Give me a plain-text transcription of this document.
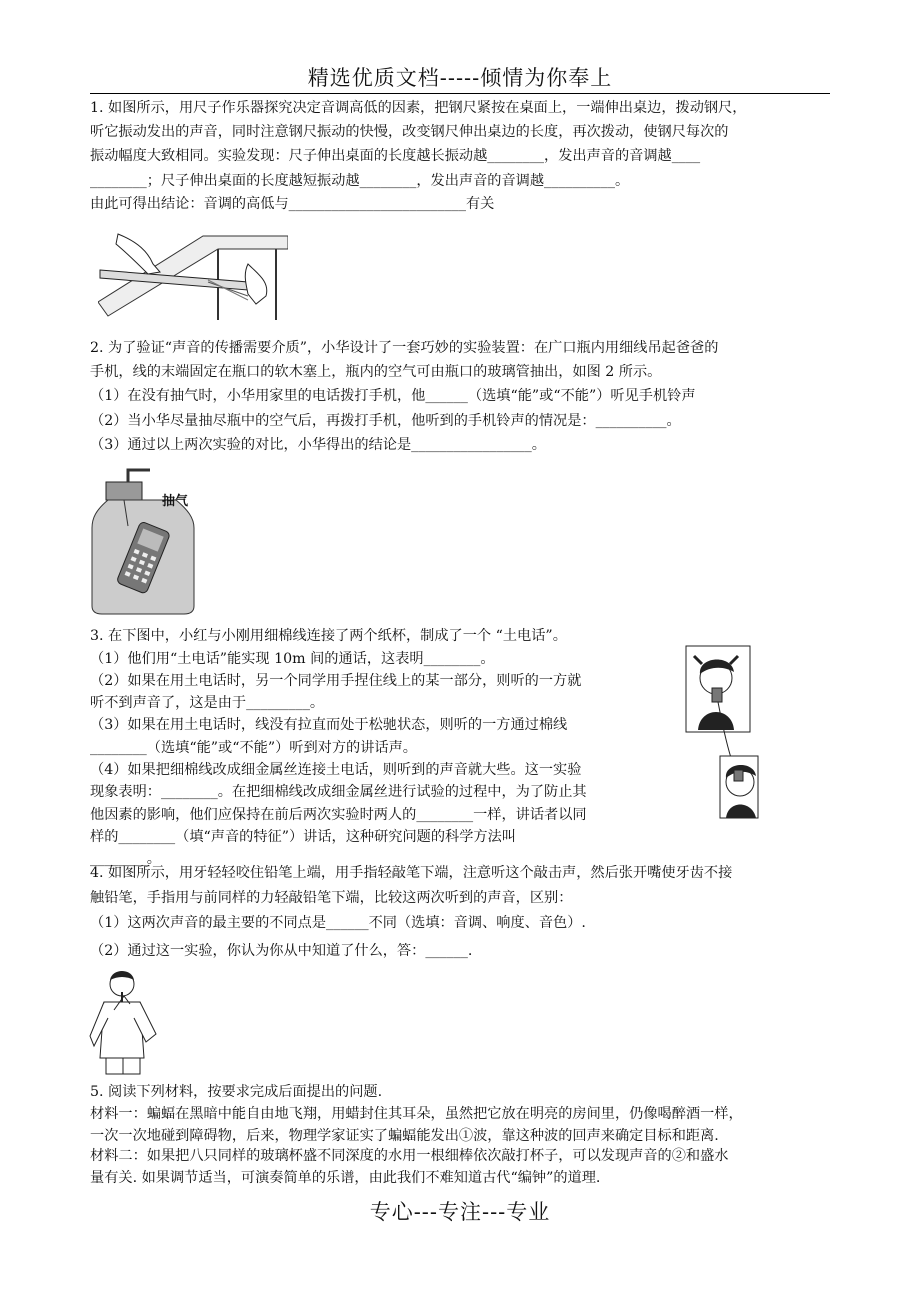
精选优质文档-----倾情为你奉上
1. 如图所示，用尺子作乐器探究决定音调高低的因素，把钢尺紧按在桌面上，一端伸出桌边，拨动钢尺，
听它振动发出的声音，同时注意钢尺振动的快慢，改变钢尺伸出桌边的长度，再次拨动，使钢尺每次的
振动幅度大致相同。实验发现：尺子伸出桌面的长度越长振动越________，发出声音的音调越____
________；尺子伸出桌面的长度越短振动越________，发出声音的音调越__________。
由此可得出结论：音调的高低与_________________________有关
2. 为了验证“声音的传播需要介质”，小华设计了一套巧妙的实验装置：在广口瓶内用细线吊起爸爸的
手机，线的末端固定在瓶口的软木塞上，瓶内的空气可由瓶口的玻璃管抽出，如图 2 所示。
（1）在没有抽气时，小华用家里的电话拨打手机，他______（选填“能”或“不能”）听见手机铃声
（2）当小华尽量抽尽瓶中的空气后，再拨打手机，他听到的手机铃声的情况是：__________。
（3）通过以上两次实验的对比，小华得出的结论是_________________。
抽气
3. 在下图中，小红与小刚用细棉线连接了两个纸杯，制成了一个 “土电话”。
（1）他们用“土电话”能实现 10m 间的通话，这表明________。
（2）如果在用土电话时，另一个同学用手捏住线上的某一部分，则听的一方就
听不到声音了，这是由于_________。
（3）如果在用土电话时，线没有拉直而处于松驰状态，则听的一方通过棉线
________（选填“能”或“不能”）听到对方的讲话声。
（4）如果把细棉线改成细金属丝连接土电话，则听到的声音就大些。这一实验
现象表明：________。在把细棉线改成细金属丝进行试验的过程中，为了防止其
他因素的影响，他们应保持在前后两次实验时两人的________一样，讲话者以同
样的________（填“声音的特征”）讲话，这种研究问题的科学方法叫
________。
4. 如图所示，用牙轻轻咬住铅笔上端，用手指轻敲笔下端，注意听这个敲击声，然后张开嘴使牙齿不接
触铅笔，手指用与前同样的力轻敲铅笔下端，比较这两次听到的声音，区别：
（1）这两次声音的最主要的不同点是______不同（选填：音调、响度、音色）.
（2）通过这一实验，你认为你从中知道了什么，答：______.
5. 阅读下列材料，按要求完成后面提出的问题.
材料一：蝙蝠在黑暗中能自由地飞翔，用蜡封住其耳朵，虽然把它放在明亮的房间里，仍像喝醉酒一样，
一次一次地碰到障碍物，后来，物理学家证实了蝙蝠能发出①波，靠这种波的回声来确定目标和距离.
材料二：如果把八只同样的玻璃杯盛不同深度的水用一根细棒依次敲打杯子，可以发现声音的②和盛水
量有关. 如果调节适当，可演奏简单的乐谱，由此我们不难知道古代“编钟”的道理.
专心---专注---专业
